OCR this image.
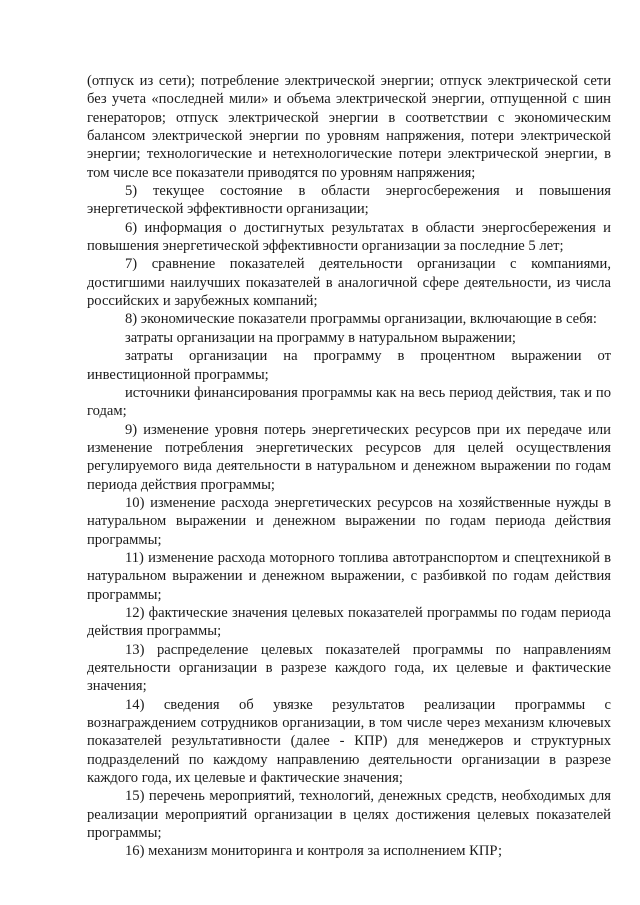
(отпуск из сети); потребление электрической энергии; отпуск электрической сети без учета «последней мили» и объема электрической энергии, отпущенной с шин генераторов; отпуск электрической энергии в соответствии с экономическим балансом электрической энергии по уровням напряжения, потери электрической энергии; технологические и нетехнологические потери электрической энергии, в том числе все показатели приводятся по уровням напряжения;

5) текущее состояние в области энергосбережения и повышения энергетической эффективности организации;

6) информация о достигнутых результатах в области энергосбережения и повышения энергетической эффективности организации за последние 5 лет;

7) сравнение показателей деятельности организации с компаниями, достигшими наилучших показателей в аналогичной сфере деятельности, из числа российских и зарубежных компаний;

8) экономические показатели программы организации, включающие в себя:

затраты организации на программу в натуральном выражении;

затраты организации на программу в процентном выражении от инвестиционной программы;

источники финансирования программы как на весь период действия, так и по годам;

9) изменение уровня потерь энергетических ресурсов при их передаче или изменение потребления энергетических ресурсов для целей осуществления регулируемого вида деятельности в натуральном и денежном выражении по годам периода действия программы;

10) изменение расхода энергетических ресурсов на хозяйственные нужды в натуральном выражении и денежном выражении по годам периода действия программы;

11) изменение расхода моторного топлива автотранспортом и спецтехникой в натуральном выражении и денежном выражении, с разбивкой по годам действия программы;

12) фактические значения целевых показателей программы по годам периода действия программы;

13) распределение целевых показателей программы по направлениям деятельности организации в разрезе каждого года, их целевые и фактические значения;

14) сведения об увязке результатов реализации программы с вознаграждением сотрудников организации, в том числе через механизм ключевых показателей результативности (далее - КПР) для менеджеров и структурных подразделений по каждому направлению деятельности организации в разрезе каждого года, их целевые и фактические значения;

15) перечень мероприятий, технологий, денежных средств, необходимых для реализации мероприятий организации в целях достижения целевых показателей программы;

16) механизм мониторинга и контроля за исполнением КПР;
